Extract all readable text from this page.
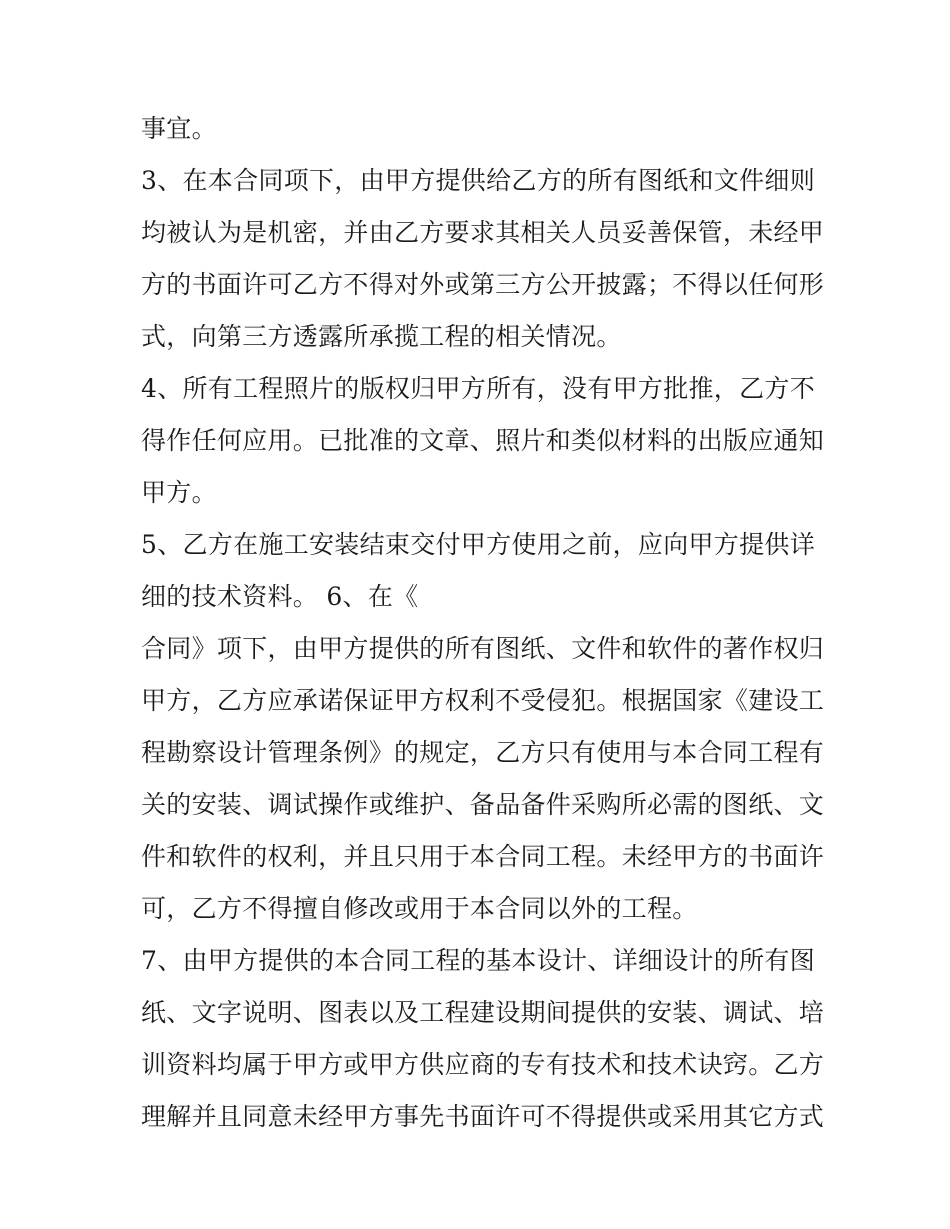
事宜。
3、在本合同项下，由甲方提供给乙方的所有图纸和文件细则
均被认为是机密，并由乙方要求其相关人员妥善保管，未经甲
方的书面许可乙方不得对外或第三方公开披露；不得以任何形
式，向第三方透露所承揽工程的相关情况。
4、所有工程照片的版权归甲方所有，没有甲方批推，乙方不
得作任何应用。已批准的文章、照片和类似材料的出版应通知
甲方。
5、乙方在施工安装结束交付甲方使用之前，应向甲方提供详
细的技术资料。 6、在《
合同》项下，由甲方提供的所有图纸、文件和软件的著作权归
甲方，乙方应承诺保证甲方权利不受侵犯。根据国家《建设工
程勘察设计管理条例》的规定，乙方只有使用与本合同工程有
关的安装、调试操作或维护、备品备件采购所必需的图纸、文
件和软件的权利，并且只用于本合同工程。未经甲方的书面许
可，乙方不得擅自修改或用于本合同以外的工程。
7、由甲方提供的本合同工程的基本设计、详细设计的所有图
纸、文字说明、图表以及工程建设期间提供的安装、调试、培
训资料均属于甲方或甲方供应商的专有技术和技术诀窍。乙方
理解并且同意未经甲方事先书面许可不得提供或采用其它方式
